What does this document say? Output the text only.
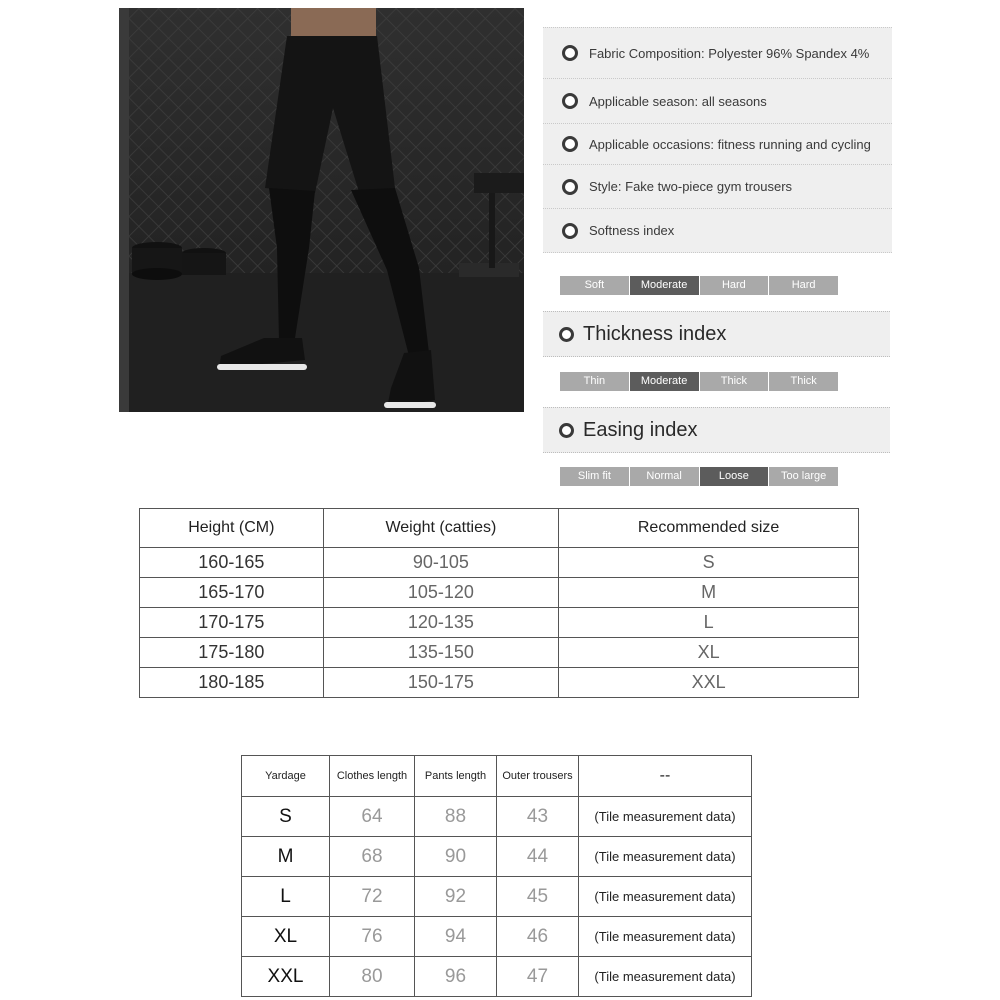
Fabric Composition: Polyester 96% Spandex 4%
Applicable season: all seasons
Applicable occasions: fitness running and cycling
Style: Fake two-piece gym trousers
Softness index
Soft	Moderate	Hard	Hard
Thickness index
Thin	Moderate	Thick	Thick
Easing index
Slim fit	Normal	Loose	Too large
Height (CM)	Weight (catties)	Recommended size
160-165	90-105	S
165-170	105-120	M
170-175	120-135	L
175-180	135-150	XL
180-185	150-175	XXL
Yardage	Clothes length	Pants length	Outer trousers	--
S	64	88	43	(Tile measurement data)
M	68	90	44	(Tile measurement data)
L	72	92	45	(Tile measurement data)
XL	76	94	46	(Tile measurement data)
XXL	80	96	47	(Tile measurement data)
